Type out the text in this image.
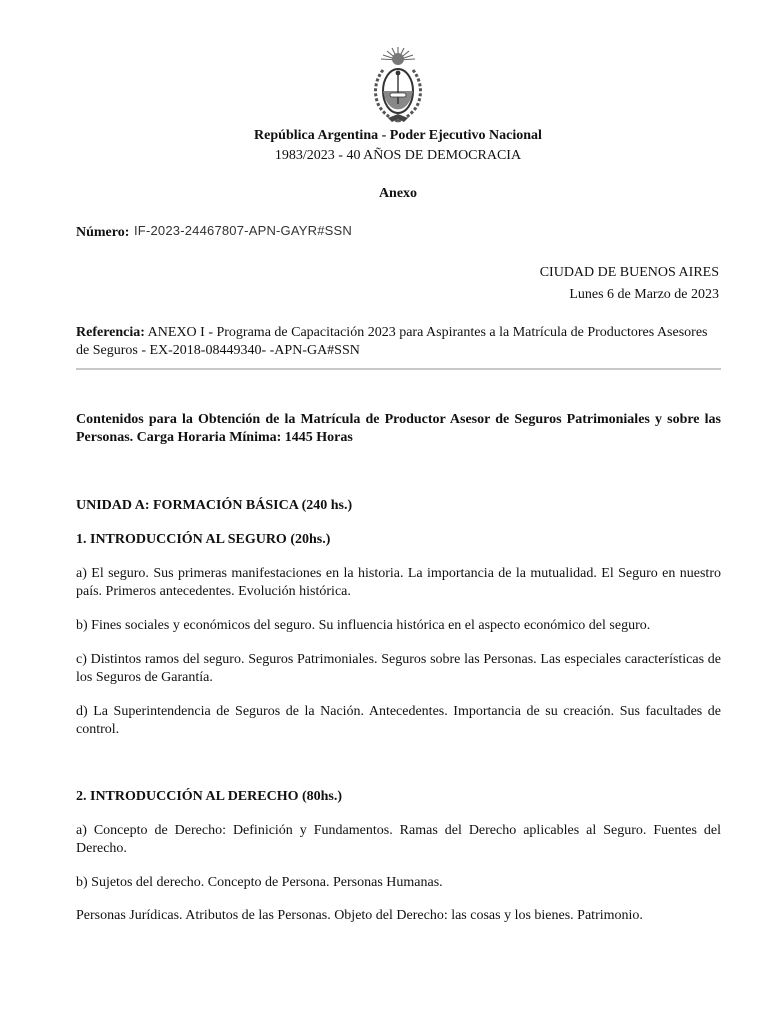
República Argentina - Poder Ejecutivo Nacional
1983/2023 - 40 AÑOS DE DEMOCRACIA
Anexo
Número: IF-2023-24467807-APN-GAYR#SSN
CIUDAD DE BUENOS AIRES
Lunes 6 de Marzo de 2023
Referencia: ANEXO I - Programa de Capacitación 2023 para Aspirantes a la Matrícula de Productores Asesores de Seguros - EX-2018-08449340- -APN-GA#SSN
Contenidos para la Obtención de la Matrícula de Productor Asesor de Seguros Patrimoniales y sobre las Personas. Carga Horaria Mínima: 1445 Horas
UNIDAD A: FORMACIÓN BÁSICA (240 hs.)
1. INTRODUCCIÓN AL SEGURO (20hs.)
a) El seguro. Sus primeras manifestaciones en la historia. La importancia de la mutualidad. El Seguro en nuestro país. Primeros antecedentes. Evolución histórica.
b) Fines sociales y económicos del seguro. Su influencia histórica en el aspecto económico del seguro.
c) Distintos ramos del seguro. Seguros Patrimoniales. Seguros sobre las Personas. Las especiales características de los Seguros de Garantía.
d) La Superintendencia de Seguros de la Nación. Antecedentes. Importancia de su creación. Sus facultades de control.
2. INTRODUCCIÓN AL DERECHO (80hs.)
a) Concepto de Derecho: Definición y Fundamentos. Ramas del Derecho aplicables al Seguro. Fuentes del Derecho.
b) Sujetos del derecho. Concepto de Persona. Personas Humanas.
Personas Jurídicas. Atributos de las Personas. Objeto del Derecho: las cosas y los bienes. Patrimonio.
